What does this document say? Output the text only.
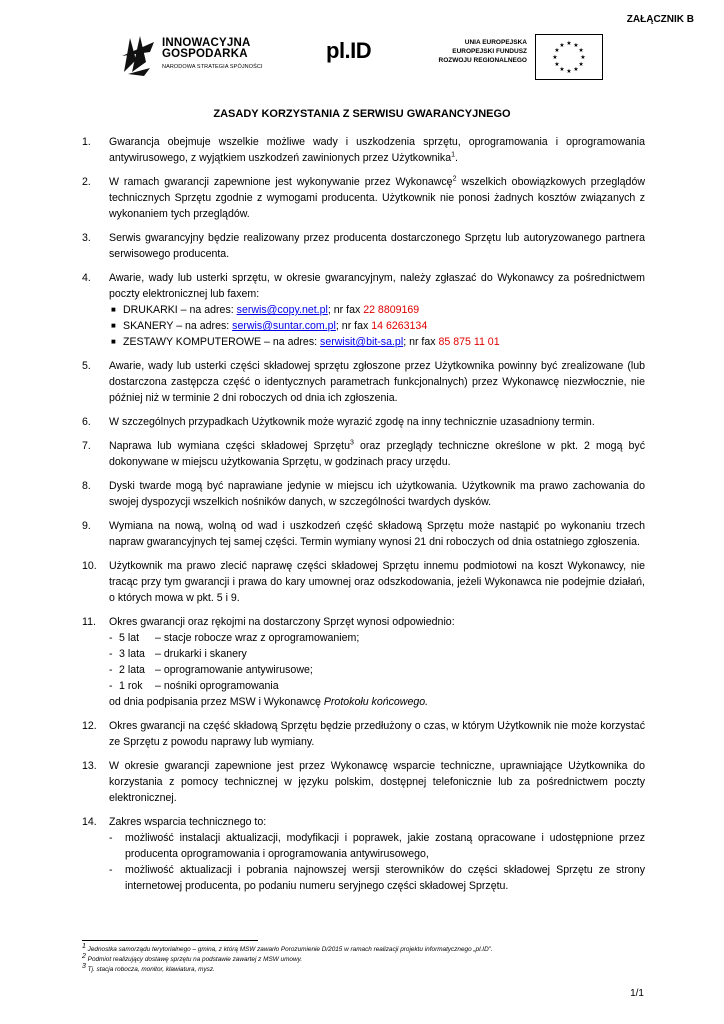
ZAŁĄCZNIK B
INNOWACYJNA
GOSPODARKA
NARODOWA STRATEGIA SPÓJNOŚCI
pl.ID	UNIA EUROPEJSKA
EUROPEJSKI FUNDUSZ
ROZWOJU REGIONALNEGO
★ ★
★
★
★
★
★
★
★
★
★
★
ZASADY KORZYSTANIA Z SERWISU GWARANCYJNEGO
1. Gwarancja obejmuje wszelkie możliwe wady i uszkodzenia sprzętu, oprogramowania i oprogramowania antywirusowego, z wyjątkiem uszkodzeń zawinionych przez Użytkownika$^1$.

2. W ramach gwarancji zapewnione jest wykonywanie przez Wykonawcę$^2$ wszelkich obowiązkowych przeglądów technicznych Sprzętu zgodnie z wymogami producenta. Użytkownik nie ponosi żadnych kosztów związanych z wykonaniem tych przeglądów.

3. Serwis gwarancyjny będzie realizowany przez producenta dostarczonego Sprzętu lub autoryzowanego partnera serwisowego producenta.

4. Awarie, wady lub usterki sprzętu, w okresie gwarancyjnym, należy zgłaszać do Wykonawcy za pośrednictwem poczty elektronicznej lub faxem:

■ DRUKARKI – na adres: serwis@copy.net.pl; nr fax 22 8809169
■ SKANERY – na adres: serwis@suntar.com.pl; nr fax 14 6263134
■ ZESTAWY KOMPUTEROWE – na adres: serwisit@bit-sa.pl; nr fax 85 875 11 01
5. Awarie, wady lub usterki części składowej sprzętu zgłoszone przez Użytkownika powinny być zrealizowane (lub dostarczona zastępcza część o identycznych parametrach funkcjonalnych) przez Wykonawcę niezwłocznie, nie później niż w terminie 2 dni roboczych od dnia ich zgłoszenia.

6. W szczególnych przypadkach Użytkownik może wyrazić zgodę na inny technicznie uzasadniony termin.

7. Naprawa lub wymiana części składowej Sprzętu$^3$ oraz przeglądy techniczne określone w pkt. 2 mogą być dokonywane w miejscu użytkowania Sprzętu, w godzinach pracy urzędu.

8. Dyski twarde mogą być naprawiane jedynie w miejscu ich użytkowania. Użytkownik ma prawo zachowania do swojej dyspozycji wszelkich nośników danych, w szczególności twardych dysków.

9. Wymiana na nową, wolną od wad i uszkodzeń część składową Sprzętu może nastąpić po wykonaniu trzech napraw gwarancyjnych tej samej części. Termin wymiany wynosi 21 dni roboczych od dnia ostatniego zgłoszenia.

10. Użytkownik ma prawo zlecić naprawę części składowej Sprzętu innemu podmiotowi na koszt Wykonawcy, nie tracąc przy tym gwarancji i prawa do kary umownej oraz odszkodowania, jeżeli Wykonawca nie podejmie działań, o których mowa w pkt. 5 i 9.

11. Okres gwarancji oraz rękojmi na dostarczony Sprzęt wynosi odpowiednio:

- 5 lat – stacje robocze wraz z oprogramowaniem;
- 3 lata – drukarki i skanery
- 2 lata – oprogramowanie antywirusowe;
- 1 rok – nośniki oprogramowania
od dnia podpisania przez MSW i Wykonawcę Protokołu końcowego.
12. Okres gwarancji na część składową Sprzętu będzie przedłużony o czas, w którym Użytkownik nie może korzystać ze Sprzętu z powodu naprawy lub wymiany.

13. W okresie gwarancji zapewnione jest przez Wykonawcę wsparcie techniczne, uprawniające Użytkownika do korzystania z pomocy technicznej w języku polskim, dostępnej telefonicznie lub za pośrednictwem poczty elektronicznej.

14. Zakres wsparcia technicznego to:

- możliwość instalacji aktualizacji, modyfikacji i poprawek, jakie zostaną opracowane i udostępnione przez producenta oprogramowania i oprogramowania antywirusowego,
- możliwość aktualizacji i pobrania najnowszej wersji sterowników do części składowej Sprzętu ze strony internetowej producenta, po podaniu numeru seryjnego części składowej Sprzętu.
$^1$ Jednostka samorządu terytorialnego – gmina, z którą MSW zawarło Porozumienie D/2015 w ramach realizacji projektu informatycznego „pl.ID”.
$^2$ Podmiot realizujący dostawę sprzętu na podstawie zawartej z MSW umowy.
$^3$ Tj. stacja robocza, monitor, klawiatura, mysz.
1/1
